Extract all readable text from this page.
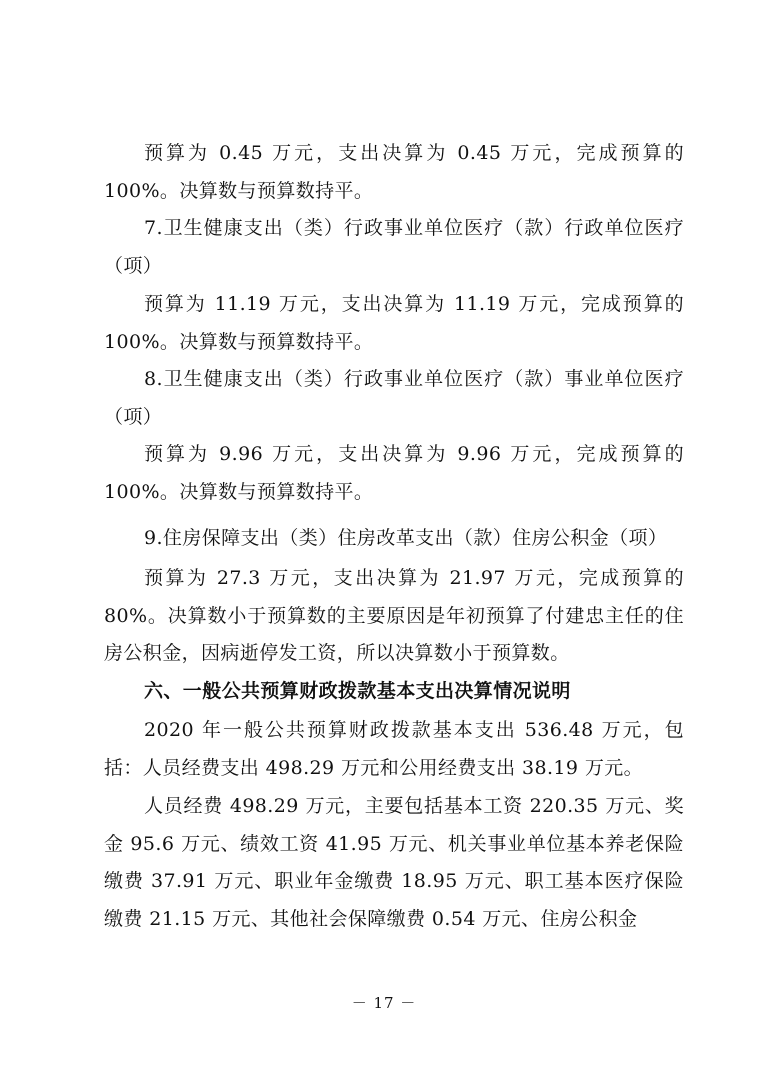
预算为 0.45 万元，支出决算为 0.45 万元，完成预算的 100%。决算数与预算数持平。

7.卫生健康支出（类）行政事业单位医疗（款）行政单位医疗（项）

预算为 11.19 万元，支出决算为 11.19 万元，完成预算的 100%。决算数与预算数持平。

8.卫生健康支出（类）行政事业单位医疗（款）事业单位医疗（项）

预算为 9.96 万元，支出决算为 9.96 万元，完成预算的 100%。决算数与预算数持平。

9.住房保障支出（类）住房改革支出（款）住房公积金（项）

预算为 27.3 万元，支出决算为 21.97 万元，完成预算的 80%。决算数小于预算数的主要原因是年初预算了付建忠主任的住房公积金，因病逝停发工资，所以决算数小于预算数。

六、一般公共预算财政拨款基本支出决算情况说明

2020 年一般公共预算财政拨款基本支出 536.48 万元，包括：人员经费支出 498.29 万元和公用经费支出 38.19 万元。

人员经费 498.29 万元，主要包括基本工资 220.35 万元、奖金 95.6 万元、绩效工资 41.95 万元、机关事业单位基本养老保险缴费 37.91 万元、职业年金缴费 18.95 万元、职工基本医疗保险缴费 21.15 万元、其他社会保障缴费 0.54 万元、住房公积金

－ 17 －
